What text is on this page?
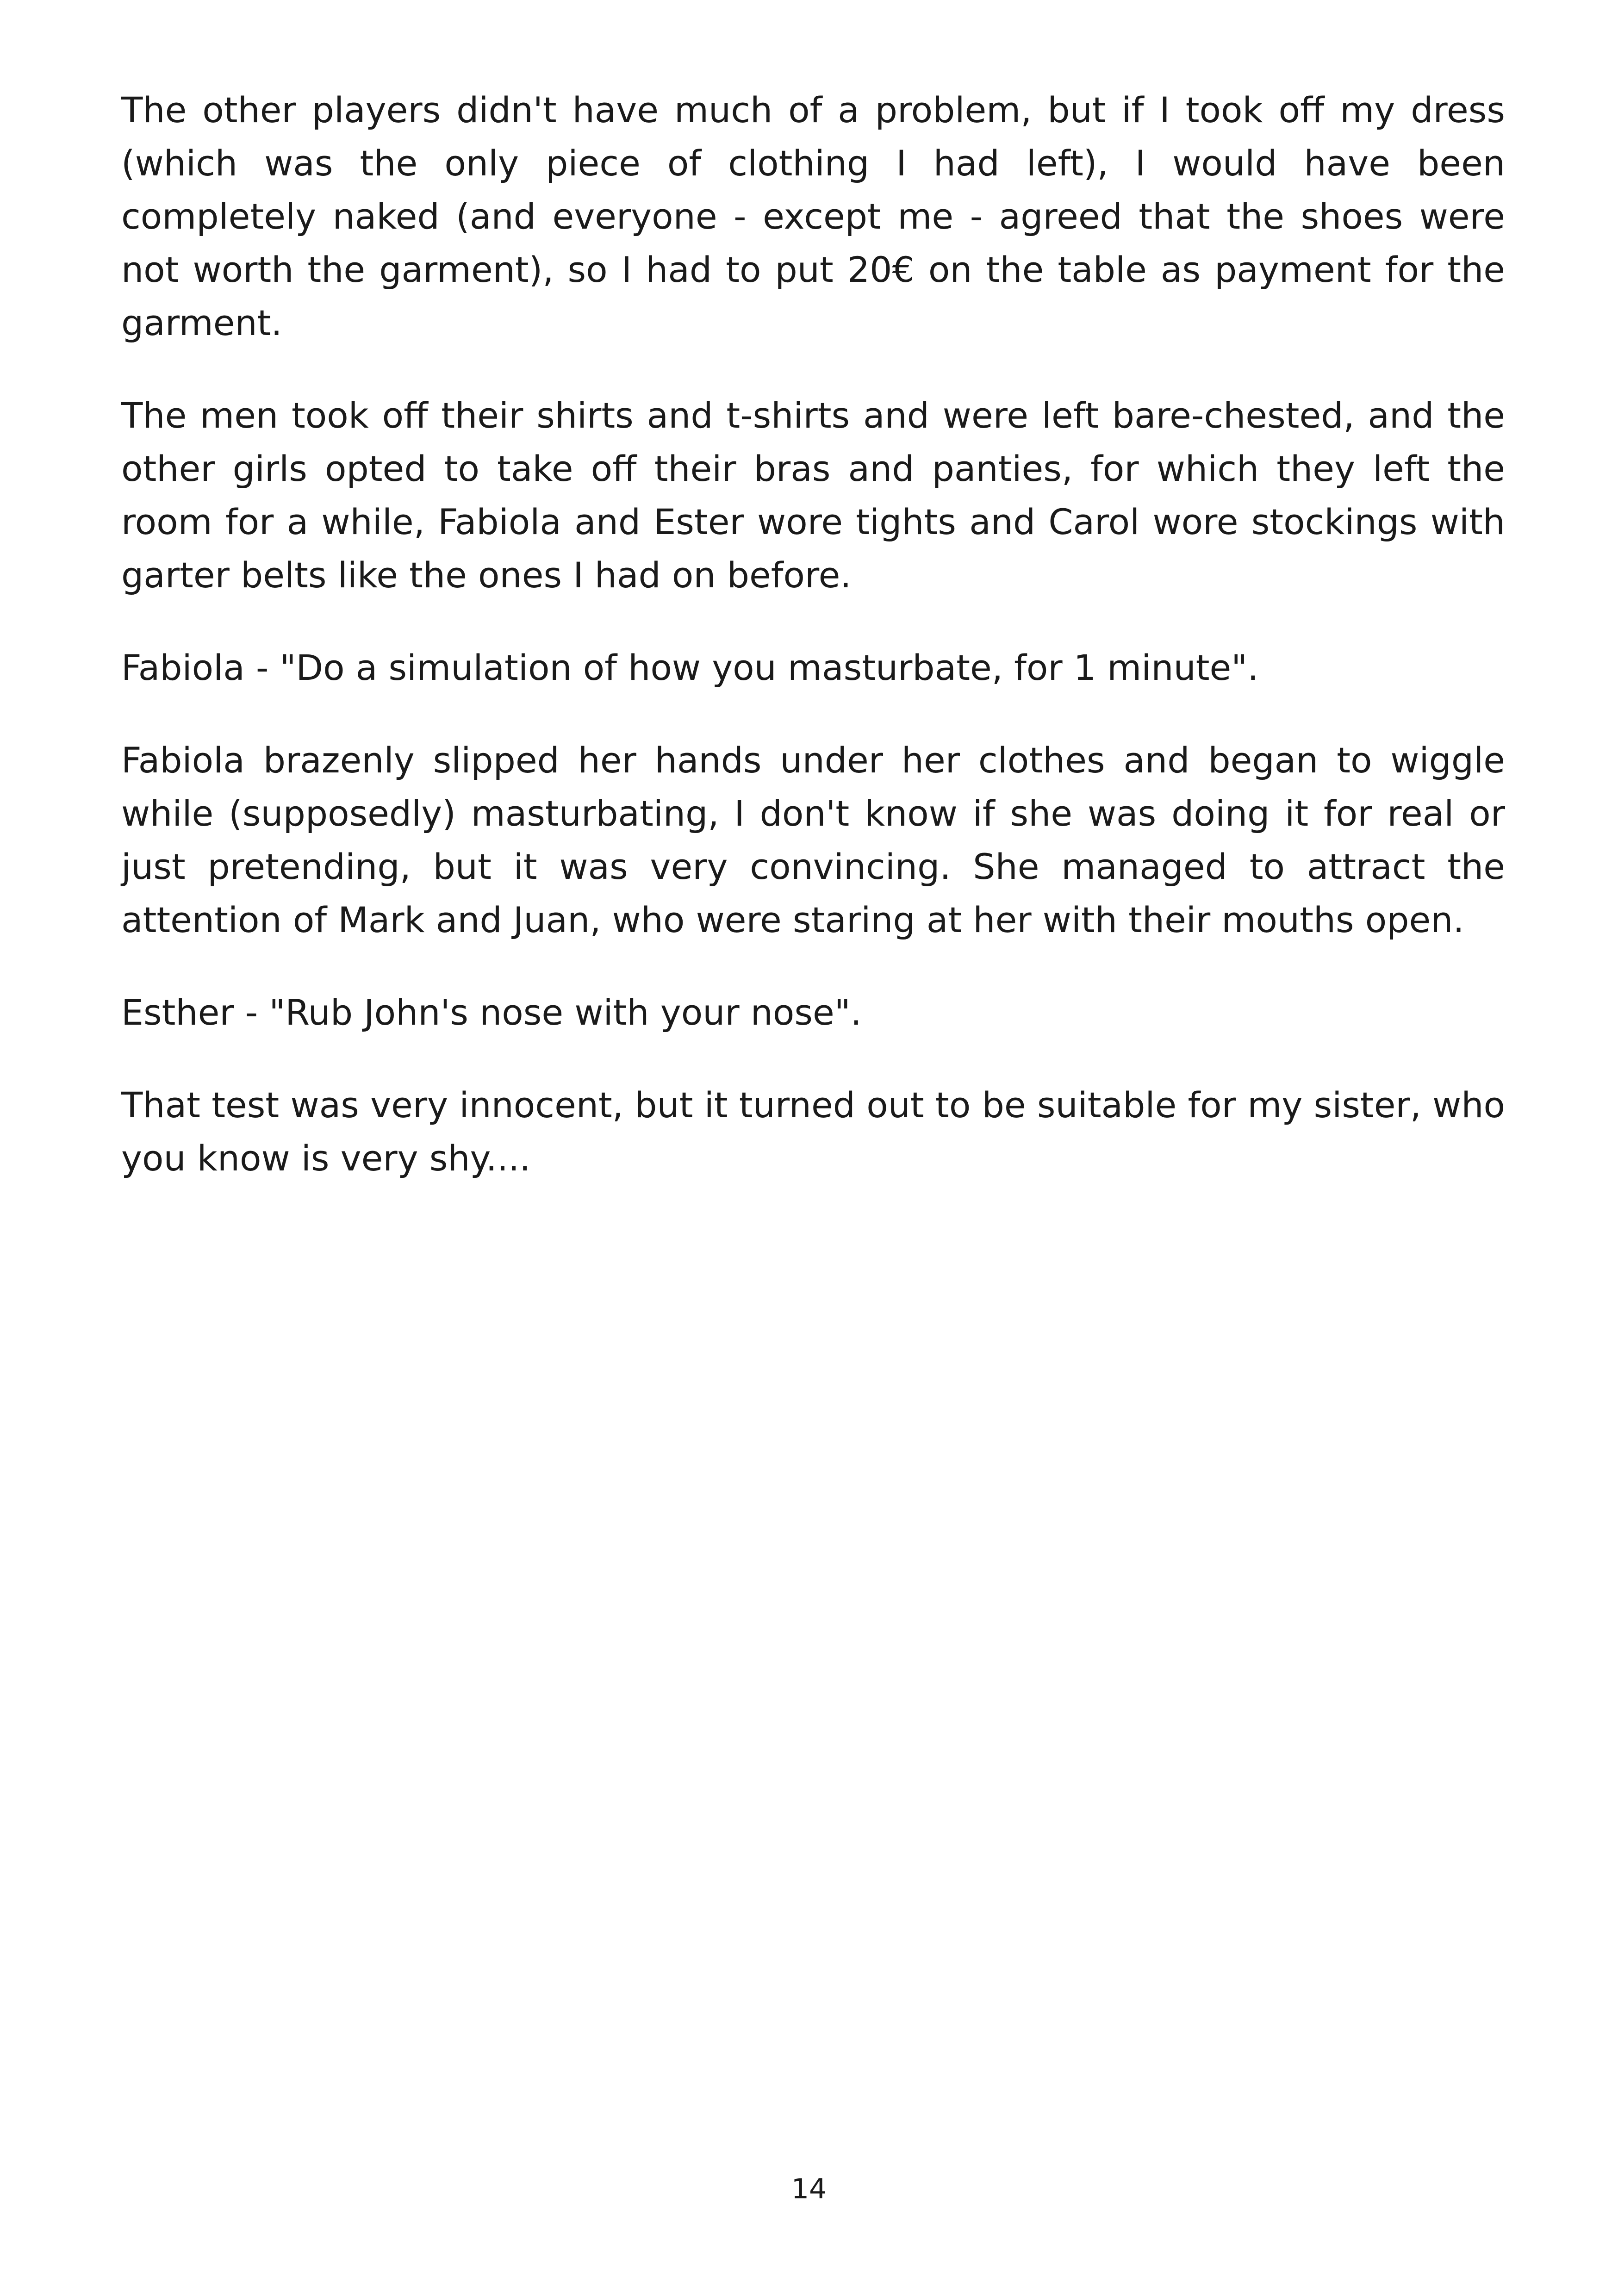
The other players didn't have much of a problem, but if I took off my dress (which was the only piece of clothing I had left), I would have been completely naked (and everyone - except me - agreed that the shoes were not worth the garment), so I had to put 20€ on the table as payment for the garment.

The men took off their shirts and t-shirts and were left bare-chested, and the other girls opted to take off their bras and panties, for which they left the room for a while, Fabiola and Ester wore tights and Carol wore stockings with garter belts like the ones I had on before.

Fabiola - "Do a simulation of how you masturbate, for 1 minute".

Fabiola brazenly slipped her hands under her clothes and began to wiggle while (supposedly) masturbating, I don't know if she was doing it for real or just pretending, but it was very convincing. She managed to attract the attention of Mark and Juan, who were staring at her with their mouths open.

Esther - "Rub John's nose with your nose".

That test was very innocent, but it turned out to be suitable for my sister, who you know is very shy....

14
